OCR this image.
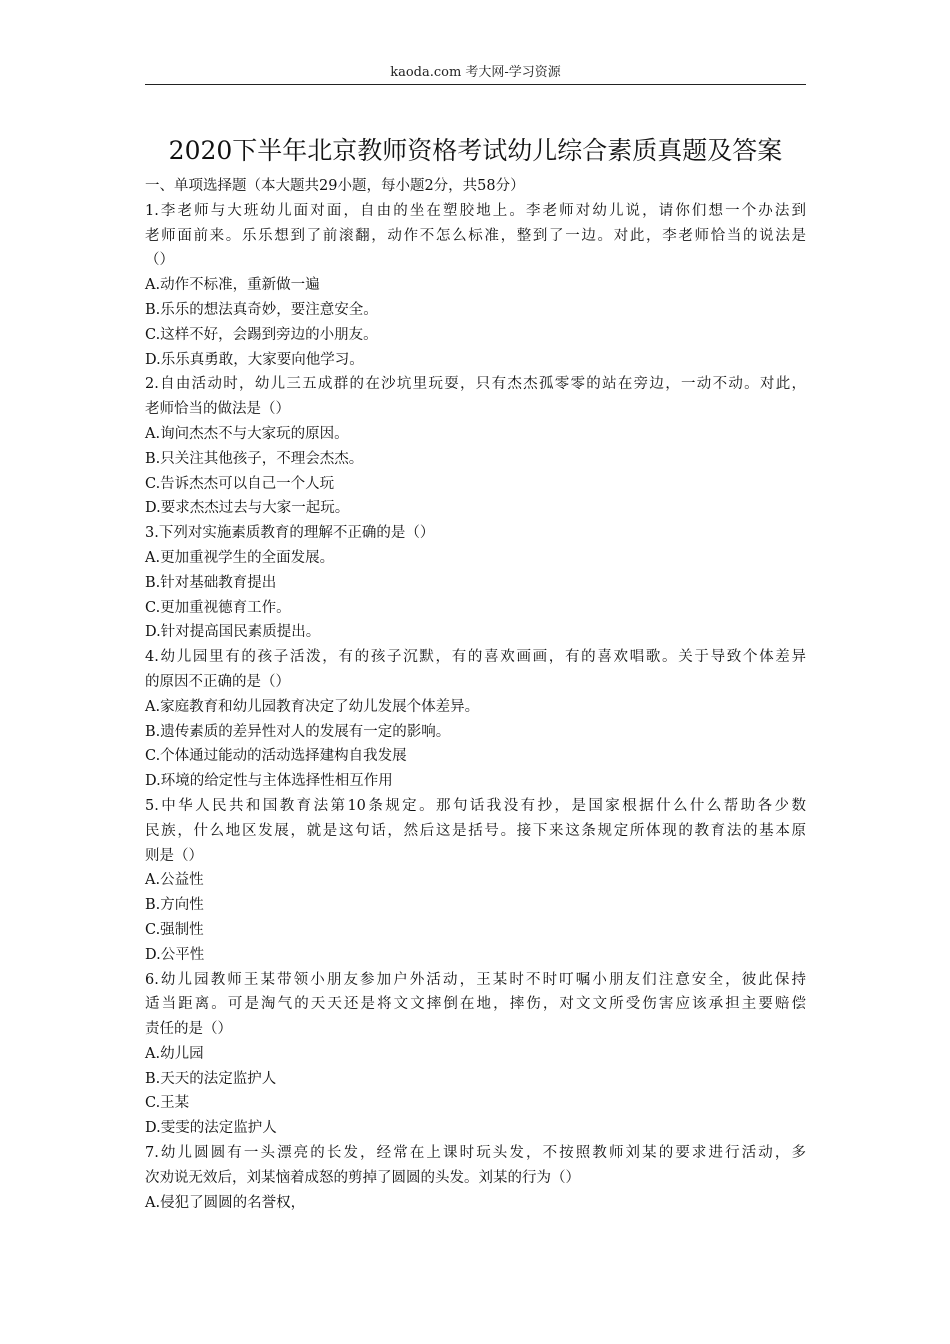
kaoda.com 考大网-学习资源
2020下半年北京教师资格考试幼儿综合素质真题及答案
一、单项选择题（本大题共29小题，每小题2分，共58分）
1.李老师与大班幼儿面对面，自由的坐在塑胶地上。李老师对幼儿说，请你们想一个办法到
老师面前来。乐乐想到了前滚翻，动作不怎么标准，整到了一边。对此，李老师恰当的说法是
（）
A.动作不标准，重新做一遍
B.乐乐的想法真奇妙，要注意安全。
C.这样不好，会踢到旁边的小朋友。
D.乐乐真勇敢，大家要向他学习。
2.自由活动时，幼儿三五成群的在沙坑里玩耍，只有杰杰孤零零的站在旁边，一动不动。对此，
老师恰当的做法是（）
A.询问杰杰不与大家玩的原因。
B.只关注其他孩子，不理会杰杰。
C.告诉杰杰可以自己一个人玩
D.要求杰杰过去与大家一起玩。
3.下列对实施素质教育的理解不正确的是（）
A.更加重视学生的全面发展。
B.针对基础教育提出
C.更加重视德育工作。
D.针对提高国民素质提出。
4.幼儿园里有的孩子活泼，有的孩子沉默，有的喜欢画画，有的喜欢唱歌。关于导致个体差异
的原因不正确的是（）
A.家庭教育和幼儿园教育决定了幼儿发展个体差异。
B.遗传素质的差异性对人的发展有一定的影响。
C.个体通过能动的活动选择建构自我发展
D.环境的给定性与主体选择性相互作用
5.中华人民共和国教育法第10条规定。那句话我没有抄，是国家根据什么什么帮助各少数
民族，什么地区发展，就是这句话，然后这是括号。接下来这条规定所体现的教育法的基本原
则是（）
A.公益性
B.方向性
C.强制性
D.公平性
6.幼儿园教师王某带领小朋友参加户外活动，王某时不时叮嘱小朋友们注意安全，彼此保持
适当距离。可是淘气的天天还是将文文摔倒在地，摔伤，对文文所受伤害应该承担主要赔偿
责任的是（）
A.幼儿园
B.天天的法定监护人
C.王某
D.雯雯的法定监护人
7.幼儿圆圆有一头漂亮的长发，经常在上课时玩头发，不按照教师刘某的要求进行活动，多
次劝说无效后，刘某恼着成怒的剪掉了圆圆的头发。刘某的行为（）
A.侵犯了圆圆的名誉权，
